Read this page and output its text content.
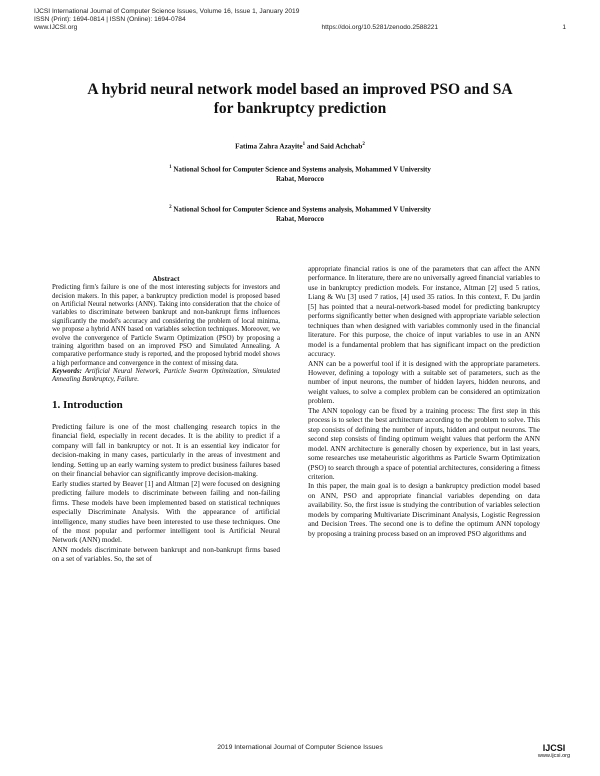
IJCSI International Journal of Computer Science Issues, Volume 16, Issue 1, January 2019
ISSN (Print): 1694-0814 | ISSN (Online): 1694-0784
www.IJCSI.org	https://doi.org/10.5281/zenodo.2588221	1
A hybrid neural network model based an improved PSO and SA
for bankruptcy prediction
Fatima Zahra Azayite$^1$ and Said Achchab$^2$
$^1$ National School for Computer Science and Systems analysis, Mohammed V University
Rabat, Morocco
$^2$ National School for Computer Science and Systems analysis, Mohammed V University
Rabat, Morocco
Abstract

Predicting firm's failure is one of the most interesting subjects for investors and decision makers. In this paper, a bankruptcy prediction model is proposed based on Artificial Neural networks (ANN). Taking into consideration that the choice of variables to discriminate between bankrupt and non-bankrupt firms influences significantly the model's accuracy and considering the problem of local minima, we propose a hybrid ANN based on variables selection techniques. Moreover, we evolve the convergence of Particle Swarm Optimization (PSO) by proposing a training algorithm based on an improved PSO and Simulated Annealing. A comparative performance study is reported, and the proposed hybrid model shows a high performance and convergence in the context of missing data.

Keywords: Artificial Neural Network, Particle Swarm Optimization, Simulated Annealing Bankruptcy, Failure.

1. Introduction

Predicting failure is one of the most challenging research topics in the financial field, especially in recent decades. It is the ability to predict if a company will fall in bankruptcy or not. It is an essential key indicator for decision-making in many cases, particularly in the areas of investment and lending. Setting up an early warning system to predict business failures based on their financial behavior can significantly improve decision-making.

Early studies started by Beaver [1] and Altman [2] were focused on designing predicting failure models to discriminate between failing and non-failing firms. These models have been implemented based on statistical techniques especially Discriminate Analysis. With the appearance of artificial intelligence, many studies have been interested to use these techniques. One of the most popular and performer intelligent tool is Artificial Neural Network (ANN) model.

ANN models discriminate between bankrupt and non-bankrupt firms based on a set of variables. So, the set of

appropriate financial ratios is one of the parameters that can affect the ANN performance. In literature, there are no universally agreed financial variables to use in bankruptcy prediction models. For instance, Altman [2] used 5 ratios, Liang & Wu [3] used 7 ratios, [4] used 35 ratios. In this context, F. Du jardin [5] has pointed that a neural-network-based model for predicting bankruptcy performs significantly better when designed with appropriate variable selection techniques than when designed with variables commonly used in the financial literature. For this purpose, the choice of input variables to use in an ANN model is a fundamental problem that has significant impact on the prediction accuracy.

ANN can be a powerful tool if it is designed with the appropriate parameters. However, defining a topology with a suitable set of parameters, such as the number of input neurons, the number of hidden layers, hidden neurons, and weight values, to solve a complex problem can be considered an optimization problem.

The ANN topology can be fixed by a training process: The first step in this process is to select the best architecture according to the problem to solve. This step consists of defining the number of inputs, hidden and output neurons. The second step consists of finding optimum weight values that perform the ANN model. ANN architecture is generally chosen by experience, but in last years, some researches use metaheuristic algorithms as Particle Swarm Optimization (PSO) to search through a space of potential architectures, considering a fitness criterion.

In this paper, the main goal is to design a bankruptcy prediction model based on ANN, PSO and appropriate financial variables depending on data availability. So, the first issue is studying the contribution of variables selection models by comparing Multivariate Discriminant Analysis, Logistic Regression and Decision Trees. The second one is to define the optimum ANN topology by proposing a training process based on an improved PSO algorithms and

2019 International Journal of Computer Science Issues	IJCSI
www.ijcsi.org
